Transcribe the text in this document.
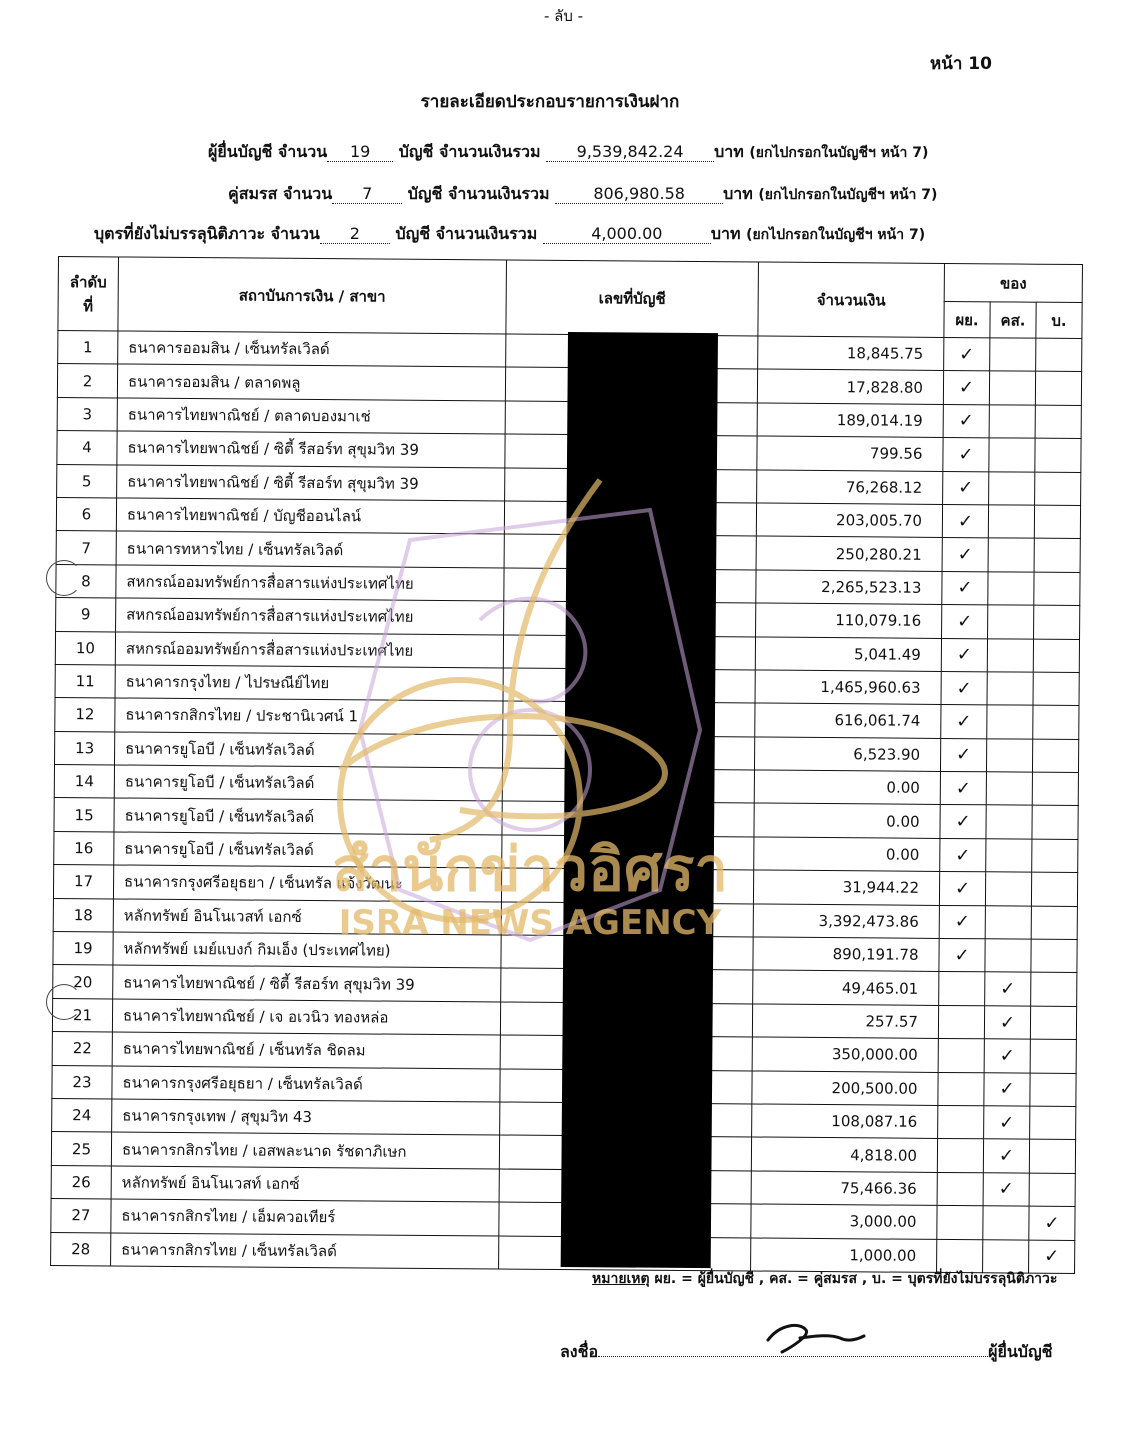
- ลับ -
หน้า 10
รายละเอียดประกอบรายการเงินฝาก
ผู้ยื่นบัญชี จำนวน 19 บัญชี จำนวนเงินรวม 9,539,842.24 บาท (ยกไปกรอกในบัญชีฯ หน้า 7)
คู่สมรส จำนวน 7 บัญชี จำนวนเงินรวม	806,980.58 บาท (ยกไปกรอกในบัญชีฯ หน้า 7)
บุตรที่ยังไม่บรรลุนิติภาวะ จำนวน 2 บัญชี จำนวนเงินรวม	4,000.00	บาท (ยกไปกรอกในบัญชีฯ หน้า 7)
ลำดับ
ที่	สถาบันการเงิน / สาขา	เลขที่บัญชี	จำนวนเงิน	ของ		
				ผย.	คส.	บ.
1	ธนาคารออมสิน / เซ็นทรัลเวิลด์		18,845.75	✓		
2	ธนาคารออมสิน / ตลาดพลู		17,828.80	✓		
3	ธนาคารไทยพาณิชย์ / ตลาดบองมาเช่		189,014.19	✓		
4	ธนาคารไทยพาณิชย์ / ซิตี้ รีสอร์ท สุขุมวิท 39		799.56	✓		
5	ธนาคารไทยพาณิชย์ / ซิตี้ รีสอร์ท สุขุมวิท 39		76,268.12	✓		
6	ธนาคารไทยพาณิชย์ / บัญชีออนไลน์		203,005.70	✓		
7	ธนาคารทหารไทย / เซ็นทรัลเวิลด์		250,280.21	✓		
8	สหกรณ์ออมทรัพย์การสื่อสารแห่งประเทศไทย		2,265,523.13	✓		
9	สหกรณ์ออมทรัพย์การสื่อสารแห่งประเทศไทย		110,079.16	✓		
10	สหกรณ์ออมทรัพย์การสื่อสารแห่งประเทศไทย		5,041.49	✓		
11	ธนาคารกรุงไทย / ไปรษณีย์ไทย		1,465,960.63	✓		
12	ธนาคารกสิกรไทย / ประชานิเวศน์ 1		616,061.74	✓		
13	ธนาคารยูโอบี / เซ็นทรัลเวิลด์		6,523.90	✓		
14	ธนาคารยูโอบี / เซ็นทรัลเวิลด์		0.00	✓		
15	ธนาคารยูโอบี / เซ็นทรัลเวิลด์		0.00	✓		
16	ธนาคารยูโอบี / เซ็นทรัลเวิลด์		0.00	✓		
17	ธนาคารกรุงศรีอยุธยา / เซ็นทรัล แจ้งวัฒนะ		31,944.22	✓		
18	หลักทรัพย์ อินโนเวสท์ เอกซ์		3,392,473.86	✓		
19	หลักทรัพย์ เมย์แบงก์ กิมเอ็ง (ประเทศไทย)		890,191.78	✓		
20	ธนาคารไทยพาณิชย์ / ซิตี้ รีสอร์ท สุขุมวิท 39		49,465.01		✓	
21	ธนาคารไทยพาณิชย์ / เจ อเวนิว ทองหล่อ		257.57		✓	
22	ธนาคารไทยพาณิชย์ / เซ็นทรัล ชิดลม		350,000.00		✓	
23	ธนาคารกรุงศรีอยุธยา / เซ็นทรัลเวิลด์		200,500.00		✓	
24	ธนาคารกรุงเทพ / สุขุมวิท 43		108,087.16		✓	
25	ธนาคารกสิกรไทย / เอสพละนาด รัชดาภิเษก		4,818.00		✓	
26	หลักทรัพย์ อินโนเวสท์ เอกซ์		75,466.36		✓	
27	ธนาคารกสิกรไทย / เอ็มควอเทียร์		3,000.00			✓
28	ธนาคารกสิกรไทย / เซ็นทรัลเวิลด์		1,000.00			✓
สำนักข่าวอิศรา
ISRA NEWS AGENCY
หมายเหตุ ผย. = ผู้ยื่นบัญชี , คส. = คู่สมรส , บ. = บุตรที่ยังไม่บรรลุนิติภาวะ
ลงชื่อ	ผู้ยื่นบัญชี
